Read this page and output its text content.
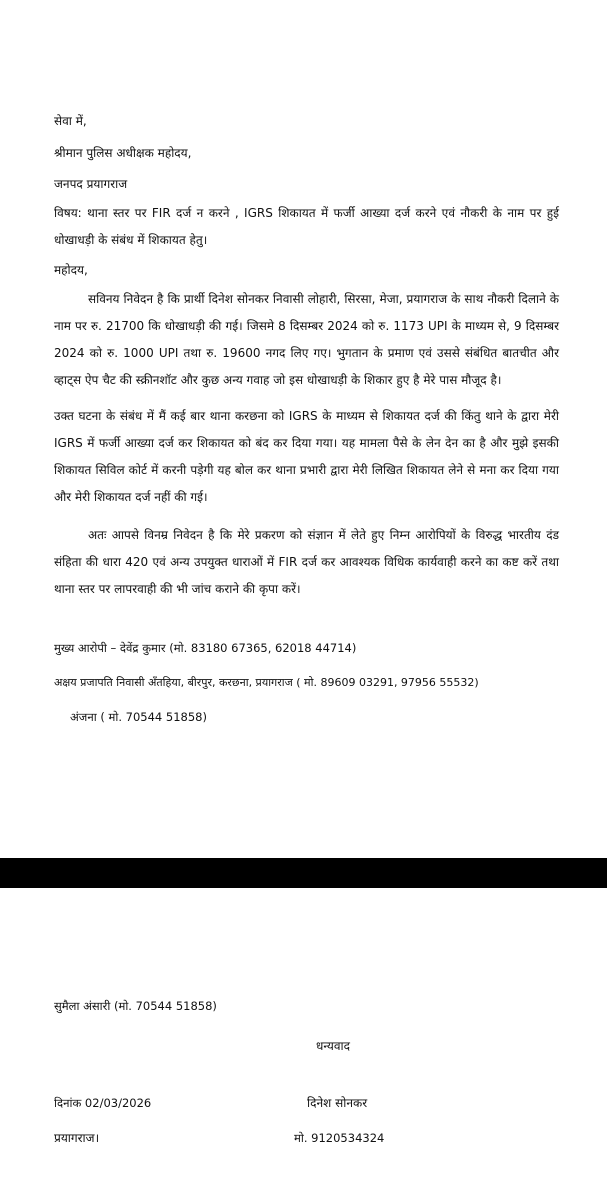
सेवा में,
श्रीमान पुलिस अधीक्षक महोदय,
जनपद प्रयागराज
विषय: थाना स्तर पर FIR दर्ज न करने , IGRS शिकायत में फर्जी आख्या दर्ज करने एवं नौकरी के नाम पर हुई धोखाधड़ी के संबंध में शिकायत हेतु।
महोदय,
सविनय निवेदन है कि प्रार्थी दिनेश सोनकर निवासी लोहारी, सिरसा, मेजा, प्रयागराज के साथ नौकरी दिलाने के नाम पर रु. 21700 कि धोखाधड़ी की गई। जिसमे 8 दिसम्बर 2024 को रु. 1173 UPI के माध्यम से, 9 दिसम्बर 2024 को रु. 1000 UPI तथा रु. 19600 नगद लिए गए। भुगतान के प्रमाण एवं उससे संबंधित बातचीत और व्हाट्स ऐप चैट की स्क्रीनशॉट और कुछ अन्य गवाह जो इस धोखाधड़ी के शिकार हुए है मेरे पास मौजूद है।
उक्त घटना के संबंध में मैं कई बार थाना करछना को IGRS के माध्यम से शिकायत दर्ज की किंतु थाने के द्वारा मेरी IGRS में फर्जी आख्या दर्ज कर शिकायत को बंद कर दिया गया। यह मामला पैसे के लेन देन का है और मुझे इसकी शिकायत सिविल कोर्ट में करनी पड़ेगी यह बोल कर थाना प्रभारी द्वारा मेरी लिखित शिकायत लेने से मना कर दिया गया और मेरी शिकायत दर्ज नहीं की गई।
अतः आपसे विनम्र निवेदन है कि मेरे प्रकरण को संज्ञान में लेते हुए निम्न आरोपियों के विरुद्ध भारतीय दंड संहिता की धारा 420 एवं अन्य उपयुक्त धाराओं में FIR दर्ज कर आवश्यक विधिक कार्यवाही करने का कष्ट करें तथा थाना स्तर पर लापरवाही की भी जांच कराने की कृपा करें।
मुख्य आरोपी – देवेंद्र कुमार (मो. 83180 67365, 62018 44714)
अक्षय प्रजापति निवासी अँतहिया, बीरपुर, करछना, प्रयागराज ( मो. 89609 03291, 97956 55532)
अंजना ( मो. 70544 51858)
सुमैला अंसारी (मो. 70544 51858)
धन्यवाद
दिनांक 02/03/2026	दिनेश सोनकर
प्रयागराज।	मो. 9120534324
